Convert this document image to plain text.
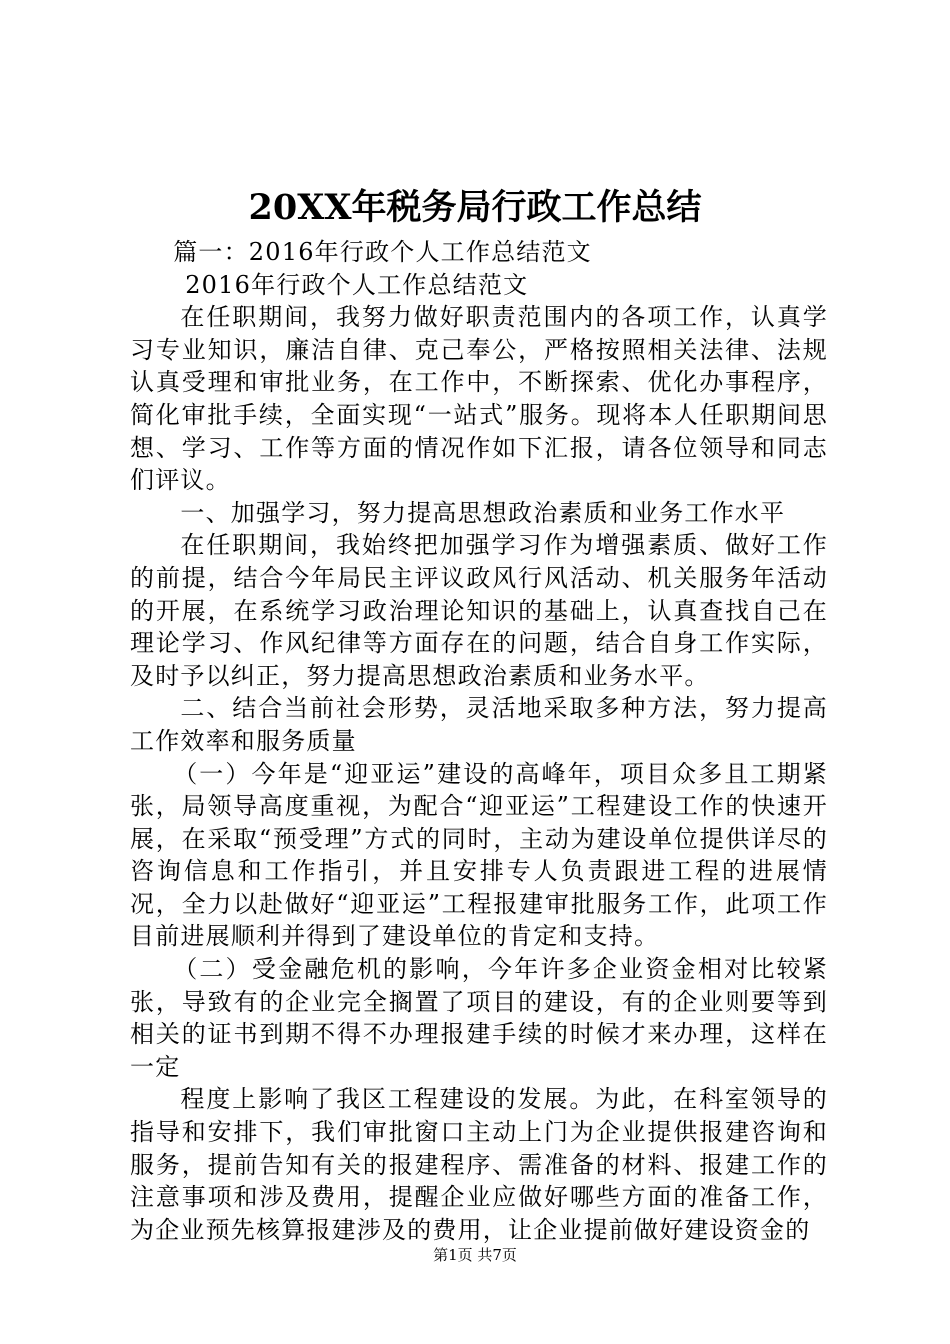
20XX年税务局行政工作总结

篇一：2016年行政个人工作总结范文

2016年行政个人工作总结范文

在任职期间，我努力做好职责范围内的各项工作，认真学习专业知识，廉洁自律、克己奉公，严格按照相关法律、法规认真受理和审批业务，在工作中，不断探索、优化办事程序，简化审批手续，全面实现“一站式”服务。现将本人任职期间思想、学习、工作等方面的情况作如下汇报，请各位领导和同志们评议。

一、加强学习，努力提高思想政治素质和业务工作水平

在任职期间，我始终把加强学习作为增强素质、做好工作的前提，结合今年局民主评议政风行风活动、机关服务年活动的开展，在系统学习政治理论知识的基础上，认真查找自己在理论学习、作风纪律等方面存在的问题，结合自身工作实际，及时予以纠正，努力提高思想政治素质和业务水平。

二、结合当前社会形势，灵活地采取多种方法，努力提高工作效率和服务质量

（一）今年是“迎亚运”建设的高峰年，项目众多且工期紧张，局领导高度重视，为配合“迎亚运”工程建设工作的快速开展，在采取“预受理”方式的同时，主动为建设单位提供详尽的咨询信息和工作指引，并且安排专人负责跟进工程的进展情况，全力以赴做好“迎亚运”工程报建审批服务工作，此项工作目前进展顺利并得到了建设单位的肯定和支持。

（二）受金融危机的影响，今年许多企业资金相对比较紧张，导致有的企业完全搁置了项目的建设，有的企业则要等到相关的证书到期不得不办理报建手续的时候才来办理，这样在一定

程度上影响了我区工程建设的发展。为此，在科室领导的指导和安排下，我们审批窗口主动上门为企业提供报建咨询和服务，提前告知有关的报建程序、需准备的材料、报建工作的注意事项和涉及费用，提醒企业应做好哪些方面的准备工作，为企业预先核算报建涉及的费用，让企业提前做好建设资金的

第1页 共7页
